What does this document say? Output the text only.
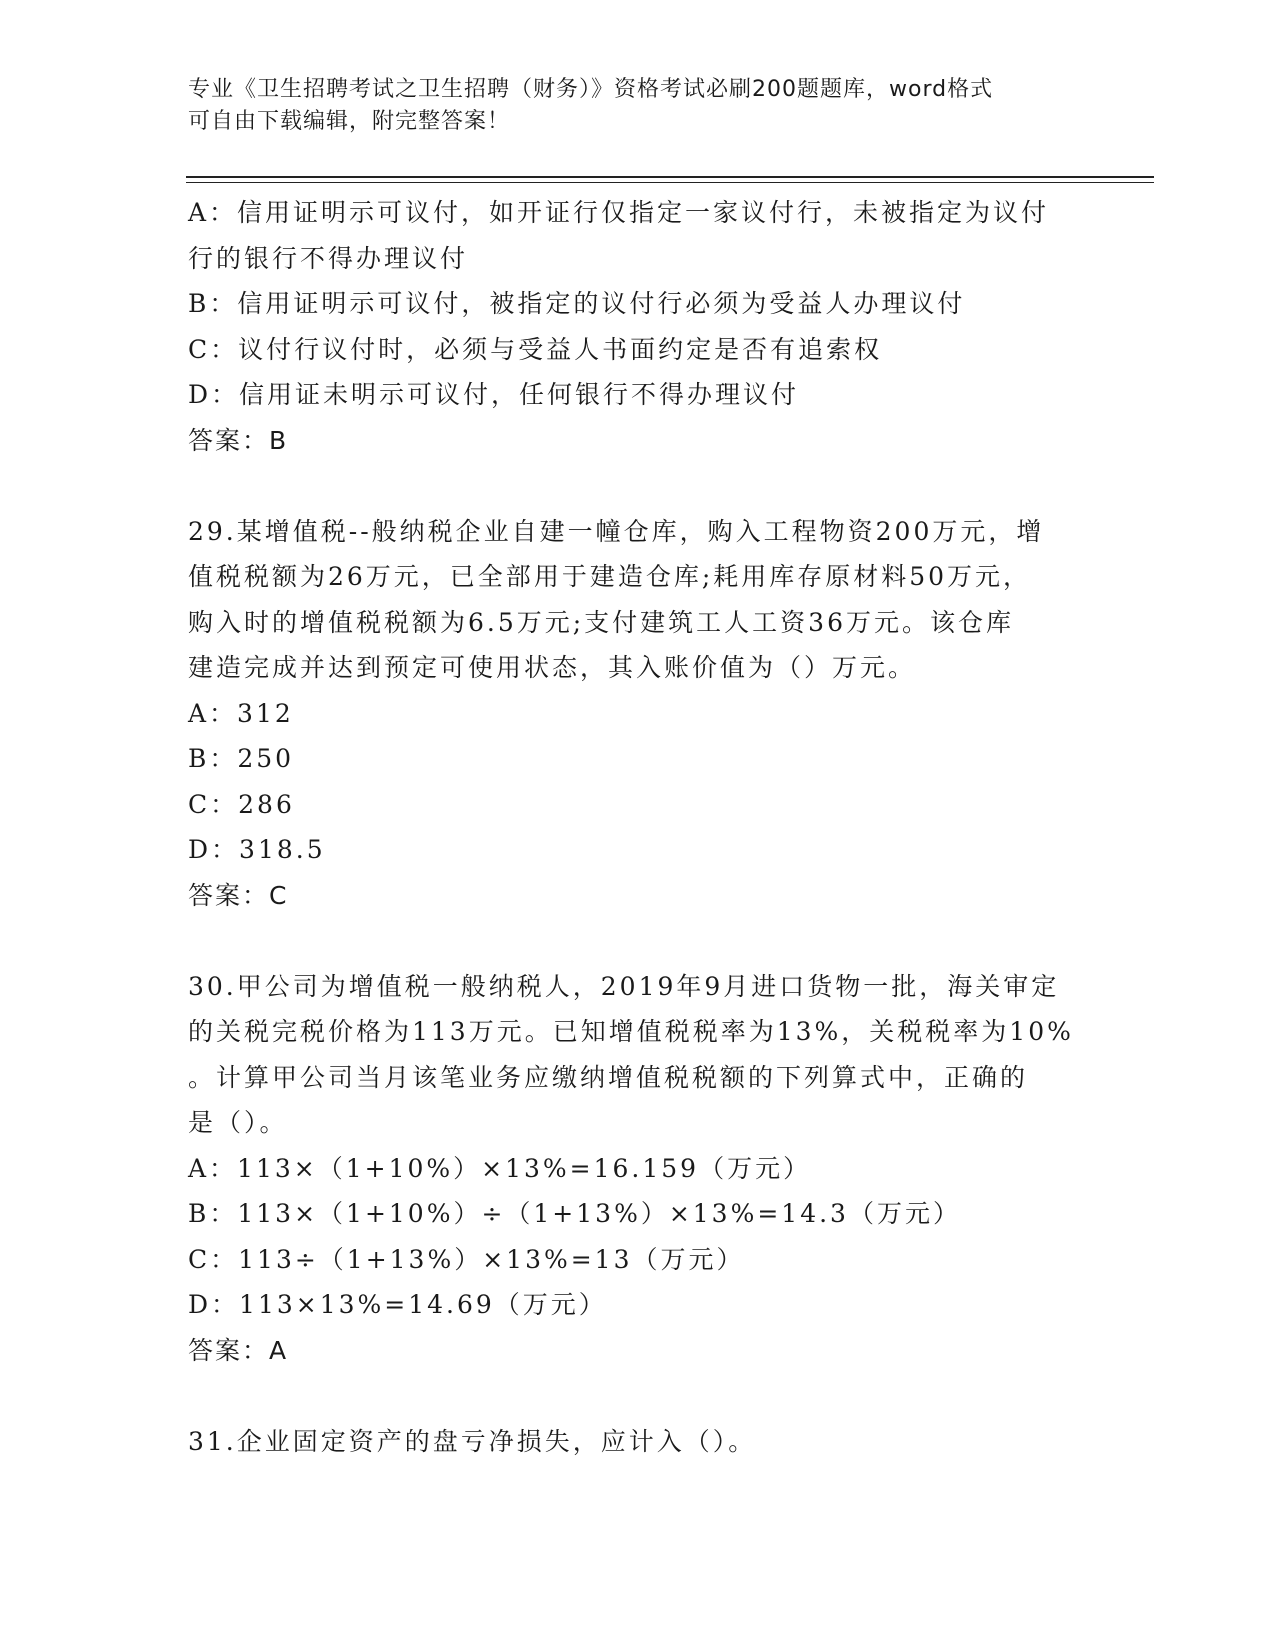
专业《卫生招聘考试之卫生招聘（财务）》资格考试必刷200题题库，word格式
可自由下载编辑，附完整答案！
A：信用证明示可议付，如开证行仅指定一家议付行，未被指定为议付
行的银行不得办理议付
B：信用证明示可议付，被指定的议付行必须为受益人办理议付
C：议付行议付时，必须与受益人书面约定是否有追索权
D：信用证未明示可议付，任何银行不得办理议付
答案：B
29.某增值税--般纳税企业自建一幢仓库，购入工程物资200万元，增
值税税额为26万元，已全部用于建造仓库;耗用库存原材料50万元，
购入时的增值税税额为6.5万元;支付建筑工人工资36万元。该仓库
建造完成并达到预定可使用状态，其入账价值为（）万元。
A：312
B：250
C：286
D：318.5
答案：C
30.甲公司为增值税一般纳税人，2019年9月进口货物一批，海关审定
的关税完税价格为113万元。已知增值税税率为13%，关税税率为10%
。计算甲公司当月该笔业务应缴纳增值税税额的下列算式中，正确的
是（）。
A：113×（1+10%）×13%=16.159（万元）
B：113×（1+10%）÷（1+13%）×13%=14.3（万元）
C：113÷（1+13%）×13%=13（万元）
D：113×13%=14.69（万元）
答案：A
31.企业固定资产的盘亏净损失，应计入（）。
